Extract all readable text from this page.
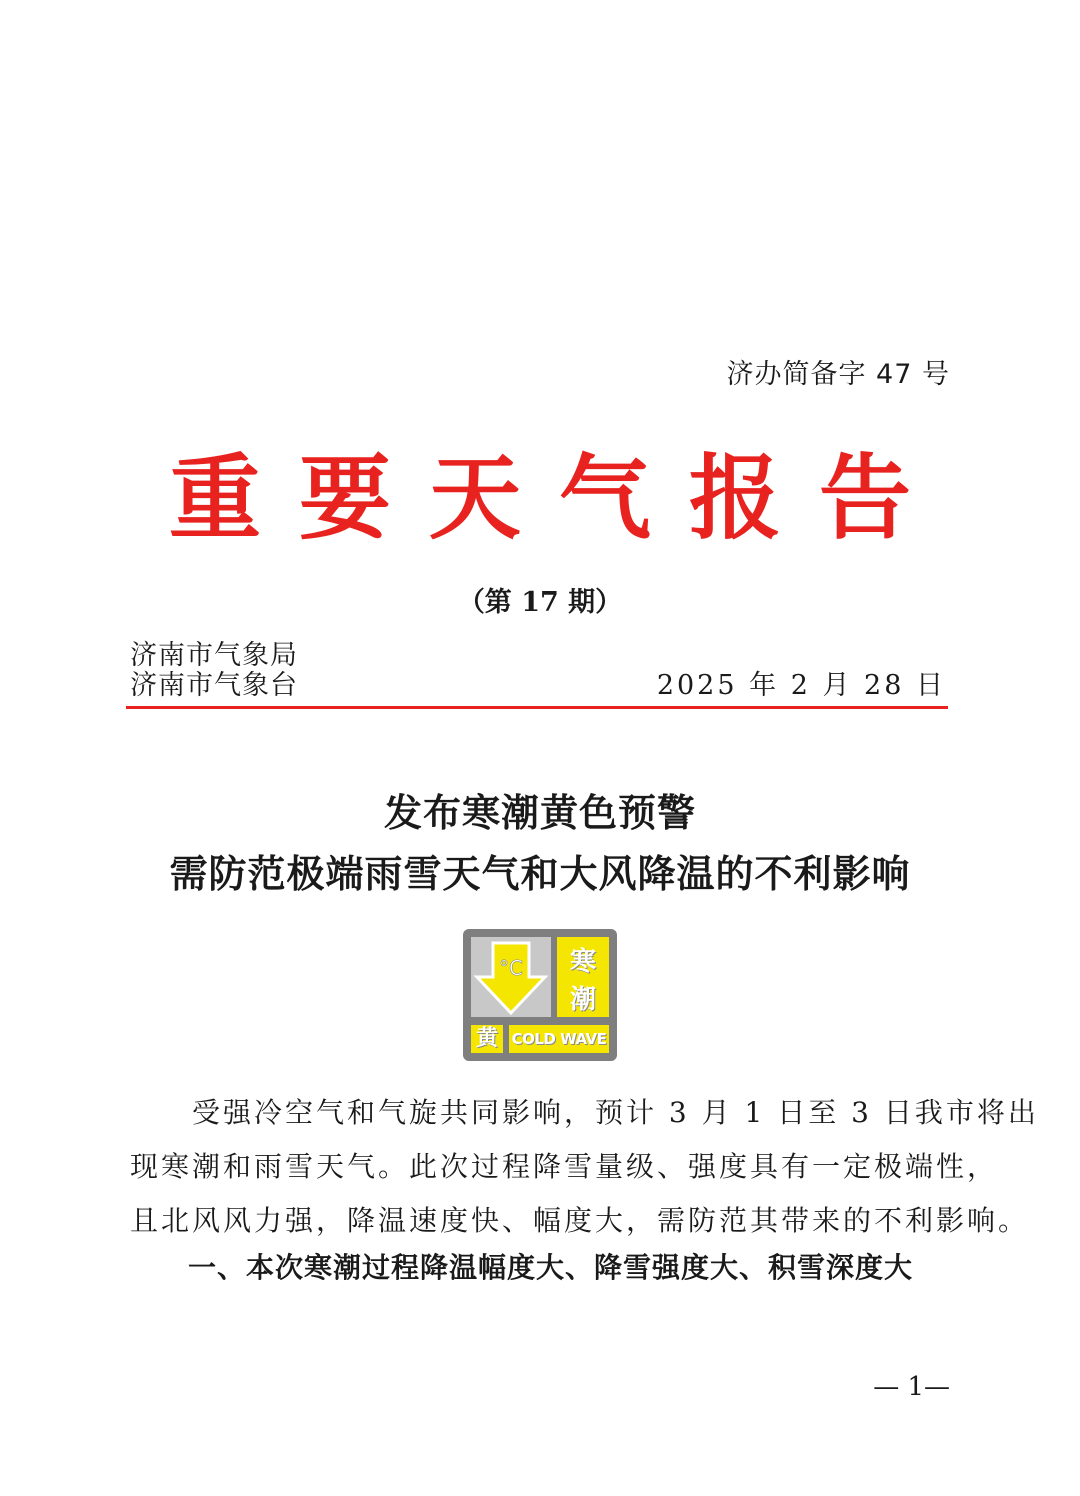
济办简备字 47 号
重要天气报告
（第 17 期）
济南市气象局
济南市气象台	2025 年 2 月 28 日
发布寒潮黄色预警
需防范极端雨雪天气和大风降温的不利影响
°C	寒
潮
黄 COLD WAVE
　　受强冷空气和气旋共同影响，预计 3 月 1 日至 3 日我市将出
现寒潮和雨雪天气。此次过程降雪量级、强度具有一定极端性，
且北风风力强，降温速度快、幅度大，需防范其带来的不利影响。
一、本次寒潮过程降温幅度大、降雪强度大、积雪深度大
— 1—
